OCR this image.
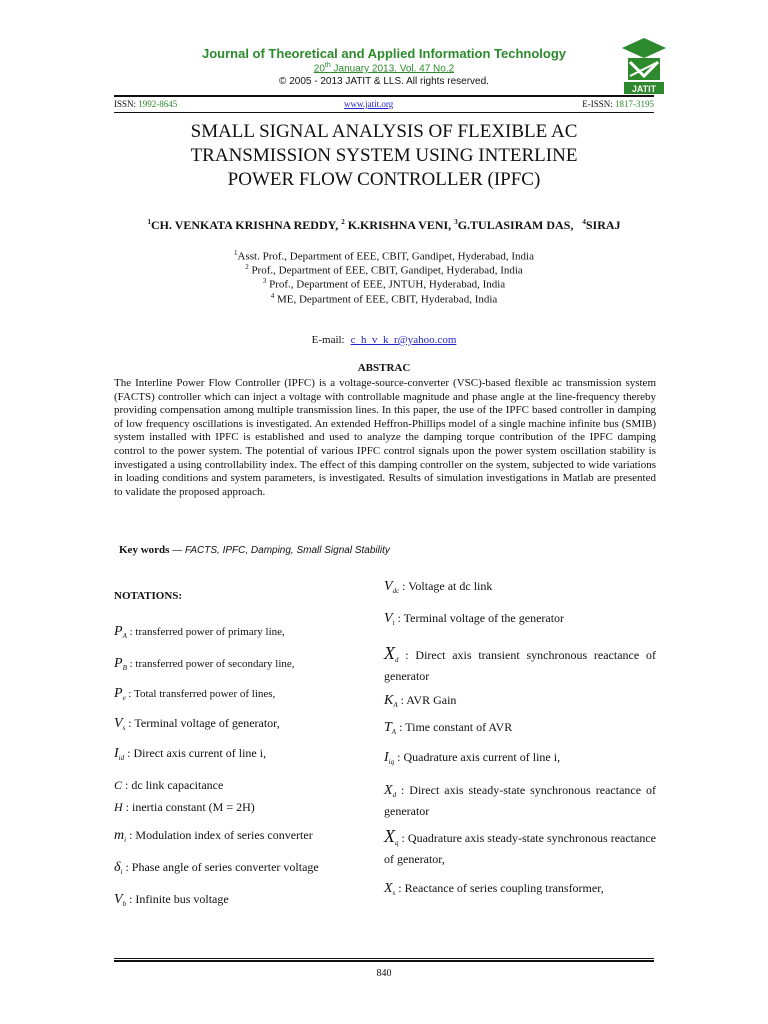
Journal of Theoretical and Applied Information Technology
20th January 2013. Vol. 47 No.2
© 2005 - 2013 JATIT & LLS. All rights reserved.
JATIT
ISSN: 1992-8645	www.jatit.org	E-ISSN: 1817-3195
SMALL SIGNAL ANALYSIS OF FLEXIBLE AC
TRANSMISSION SYSTEM USING INTERLINE
POWER FLOW CONTROLLER (IPFC)
$^1$CH. VENKATA KRISHNA REDDY, $^2$ K.KRISHNA VENI, $^3$G.TULASIRAM DAS,   $^4$SIRAJ
$^1$Asst. Prof., Department of EEE, CBIT, Gandipet, Hyderabad, India
$^2$ Prof., Department of EEE, CBIT, Gandipet, Hyderabad, India
$^3$ Prof., Department of EEE, JNTUH, Hyderabad, India
$^4$ ME, Department of EEE, CBIT, Hyderabad, India
E-mail: c_h_v_k_r@yahoo.com
ABSTRAC
The Interline Power Flow Controller (IPFC) is a voltage-source-converter (VSC)-based flexible ac transmission system (FACTS) controller which can inject a voltage with controllable magnitude and phase angle at the line-frequency thereby providing compensation among multiple transmission lines. In this paper, the use of the IPFC based controller in damping of low frequency oscillations is investigated. An extended Heffron-Phillips model of a single machine infinite bus (SMIB) system installed with IPFC is established and used to analyze the damping torque contribution of the IPFC damping control to the power system. The potential of various IPFC control signals upon the power system oscillation stability is investigated a using controllability index. The effect of this damping controller on the system, subjected to wide variations in loading conditions and system parameters, is investigated. Results of simulation investigations in Matlab are presented to validate the proposed approach.
Key words — FACTS, IPFC, Damping, Small Signal Stability
NOTATIONS:
$P_A$ : transferred power of primary line,
$P_B$ : transferred power of secondary line,
$P_e$ : Total transferred power of lines,
$V_s$ : Terminal voltage of generator,
$I_{id}$ : Direct axis current of line i,
C : dc link capacitance
H : inertia constant (M = 2H)
$m_i$ : Modulation index of series converter
$\delta_i$ : Phase angle of series converter voltage
$V_b$ : Infinite bus voltage
$V_{dc}$ : Voltage at dc link
$V_t$ : Terminal voltage of the generator
$X_d$ : Direct axis transient synchronous reactance of generator
$K_A$ : AVR Gain
$T_A$ : Time constant of AVR
$I_{iq}$ : Quadrature axis current of line i,
$X_d$ : Direct axis steady-state synchronous reactance of generator
$X_q$ : Quadrature axis steady-state synchronous reactance of generator,
$X_s$ : Reactance of series coupling transformer,
840
